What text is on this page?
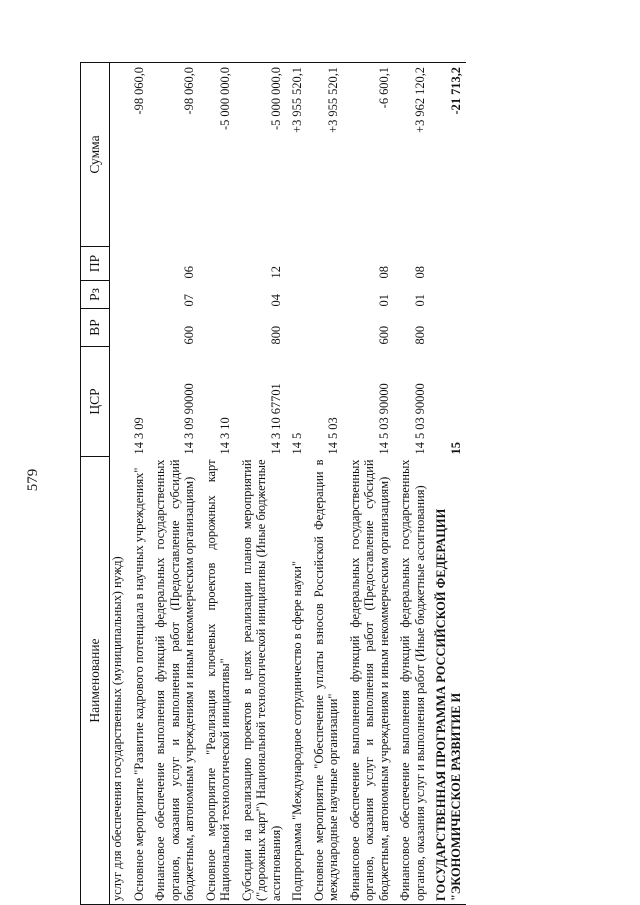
579
Наименование	ЦСР	ВР	Рз	ПР	Сумма
услуг для обеспечения государственных (муниципальных) нужд)					
Основное мероприятие "Развитие кадрового потенциала в научных учреждениях"	14 3 09				-98 060,0
Финансовое обеспечение выполнения функций федеральных государственных органов, оказания услуг и выполнения работ (Предоставление субсидий бюджетным, автономным учреждениям и иным некоммерческим организациям)	14 3 09 90000	600	07	06	-98 060,0
Основное мероприятие "Реализация ключевых проектов дорожных карт Национальной технологической инициативы"	14 3 10				-5 000 000,0
Субсидии на реализацию проектов в целях реализации планов мероприятий ("дорожных карт") Национальной технологической инициативы (Иные бюджетные ассигнования)	14 3 10 67701	800	04	12	-5 000 000,0
Подпрограмма "Международное сотрудничество в сфере науки"	14 5				+3 955 520,1
Основное мероприятие "Обеспечение уплаты взносов Российской Федерации в международные научные организации"	14 5 03				+3 955 520,1
Финансовое обеспечение выполнения функций федеральных государственных органов, оказания услуг и выполнения работ (Предоставление субсидий бюджетным, автономным учреждениям и иным некоммерческим организациям)	14 5 03 90000	600	01	08	-6 600,1
Финансовое обеспечение выполнения функций федеральных государственных органов, оказания услуг и выполнения работ (Иные бюджетные ассигнования)	14 5 03 90000	800	01	08	+3 962 120,2
ГОСУДАРСТВЕННАЯ ПРОГРАММА РОССИЙСКОЙ ФЕДЕРАЦИИ "ЭКОНОМИЧЕСКОЕ РАЗВИТИЕ И	15				-21 713,2
